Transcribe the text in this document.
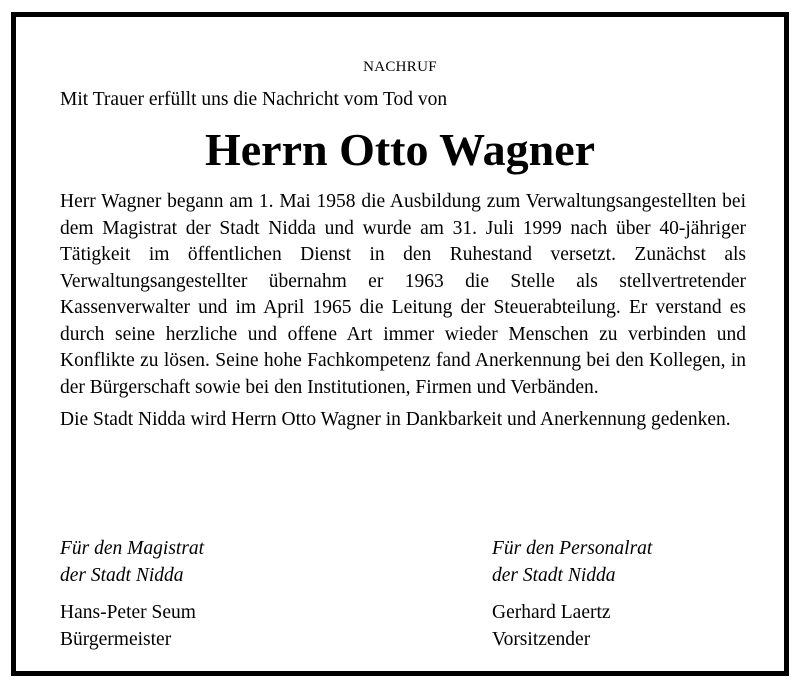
NACHRUF
Mit Trauer erfüllt uns die Nachricht vom Tod von
Herrn Otto Wagner

Herr Wagner begann am 1. Mai 1958 die Ausbildung zum Verwaltungsangestellten bei dem Magistrat der Stadt Nidda und wurde am 31. Juli 1999 nach über 40-jähriger Tätigkeit im öffentlichen Dienst in den Ruhestand versetzt. Zunächst als Verwaltungsangestellter übernahm er 1963 die Stelle als stellvertretender Kassenverwalter und im April 1965 die Leitung der Steuerabteilung. Er verstand es durch seine herzliche und offene Art immer wieder Menschen zu verbinden und Konflikte zu lösen. Seine hohe Fachkompetenz fand Anerkennung bei den Kollegen, in der Bürgerschaft sowie bei den Institutionen, Firmen und Verbänden.

Die Stadt Nidda wird Herrn Otto Wagner in Dankbarkeit und Anerkennung gedenken.

Für den Magistrat
der Stadt Nidda
Hans-Peter Seum
Bürgermeister
Für den Personalrat
der Stadt Nidda
Gerhard Laertz
Vorsitzender
